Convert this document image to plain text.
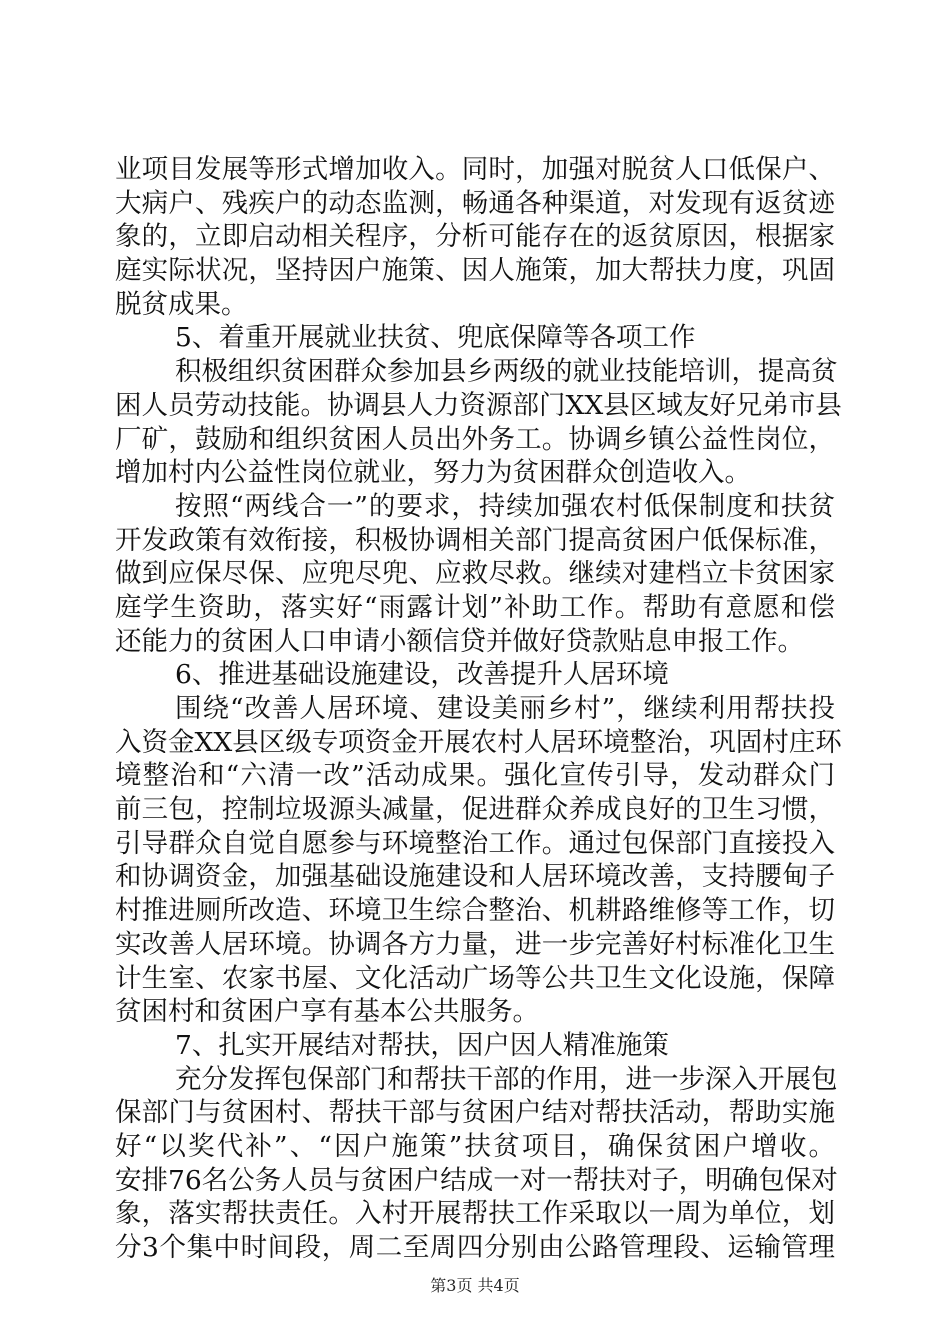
业项目发展等形式增加收入。同时，加强对脱贫人口低保户、
大病户、残疾户的动态监测，畅通各种渠道，对发现有返贫迹
象的，立即启动相关程序，分析可能存在的返贫原因，根据家
庭实际状况，坚持因户施策、因人施策，加大帮扶力度，巩固
脱贫成果。
5、着重开展就业扶贫、兜底保障等各项工作
积极组织贫困群众参加县乡两级的就业技能培训，提高贫
困人员劳动技能。协调县人力资源部门XX县区域友好兄弟市县
厂矿，鼓励和组织贫困人员出外务工。协调乡镇公益性岗位，
增加村内公益性岗位就业，努力为贫困群众创造收入。
按照“两线合一”的要求，持续加强农村低保制度和扶贫
开发政策有效衔接，积极协调相关部门提高贫困户低保标准，
做到应保尽保、应兜尽兜、应救尽救。继续对建档立卡贫困家
庭学生资助，落实好“雨露计划”补助工作。帮助有意愿和偿
还能力的贫困人口申请小额信贷并做好贷款贴息申报工作。
6、推进基础设施建设，改善提升人居环境
围绕“改善人居环境、建设美丽乡村”，继续利用帮扶投
入资金XX县区级专项资金开展农村人居环境整治，巩固村庄环
境整治和“六清一改”活动成果。强化宣传引导，发动群众门
前三包，控制垃圾源头减量，促进群众养成良好的卫生习惯，
引导群众自觉自愿参与环境整治工作。通过包保部门直接投入
和协调资金，加强基础设施建设和人居环境改善，支持腰甸子
村推进厕所改造、环境卫生综合整治、机耕路维修等工作，切
实改善人居环境。协调各方力量，进一步完善好村标准化卫生
计生室、农家书屋、文化活动广场等公共卫生文化设施，保障
贫困村和贫困户享有基本公共服务。
7、扎实开展结对帮扶，因户因人精准施策
充分发挥包保部门和帮扶干部的作用，进一步深入开展包
保部门与贫困村、帮扶干部与贫困户结对帮扶活动，帮助实施
好“以奖代补”、“因户施策”扶贫项目，确保贫困户增收。
安排76名公务人员与贫困户结成一对一帮扶对子，明确包保对
象，落实帮扶责任。入村开展帮扶工作采取以一周为单位，划
分3个集中时间段，周二至周四分别由公路管理段、运输管理
第3页 共4页
